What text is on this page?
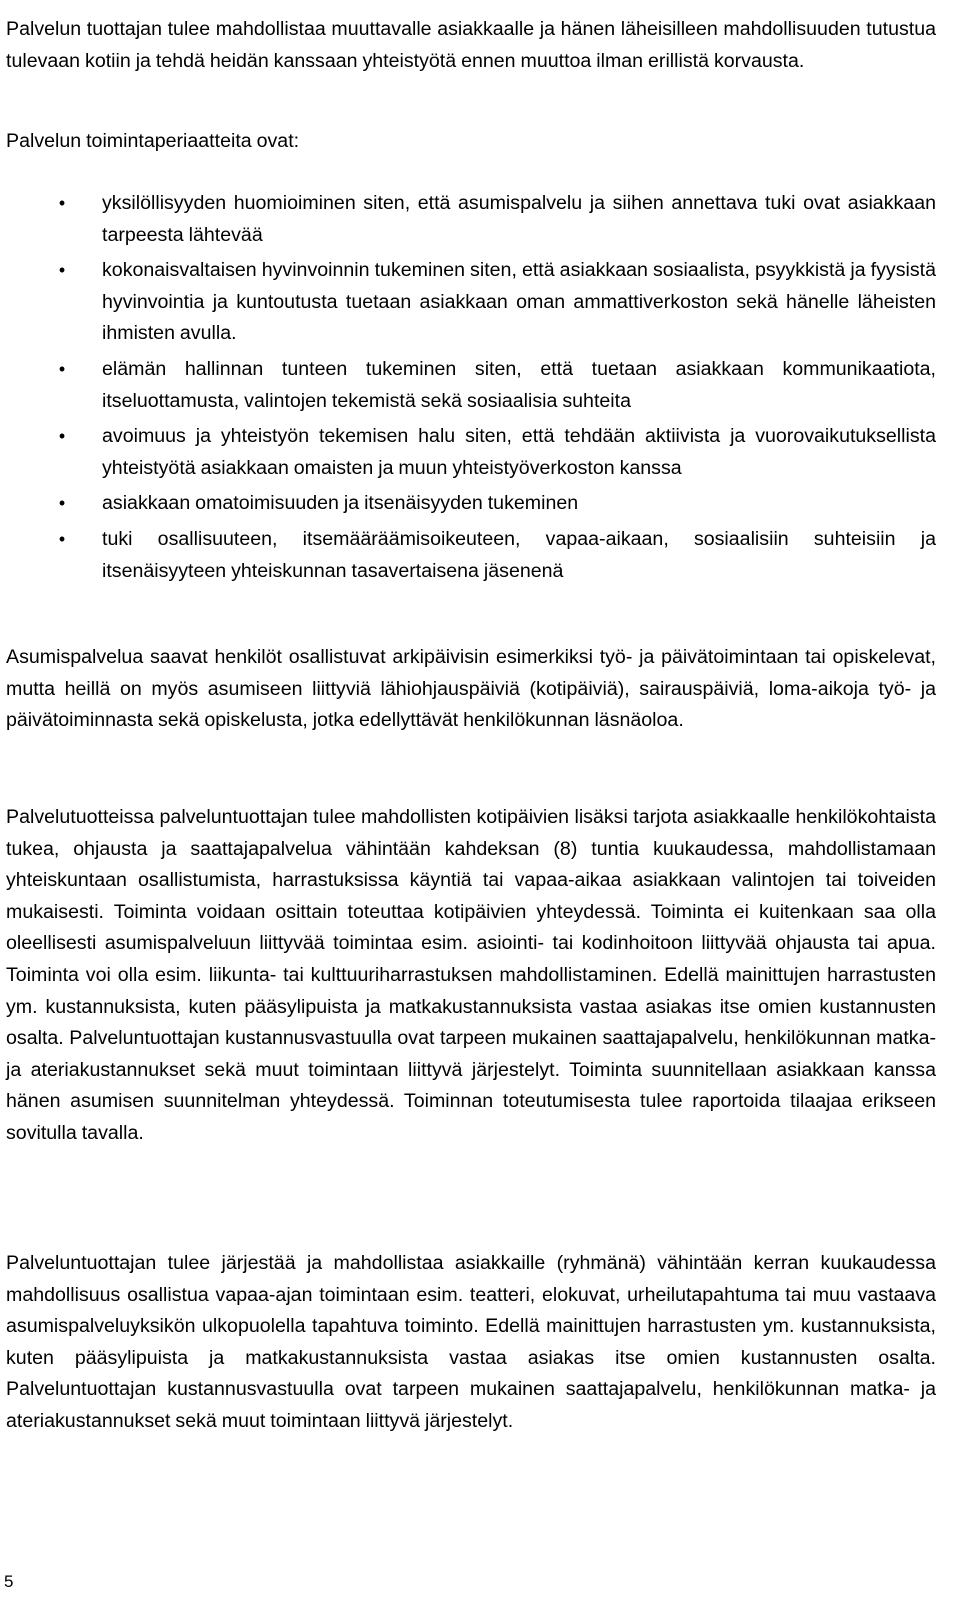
Palvelun tuottajan tulee mahdollistaa muuttavalle asiakkaalle ja hänen läheisilleen mahdollisuuden tutustua tulevaan kotiin ja tehdä heidän kanssaan yhteistyötä ennen muuttoa ilman erillistä korvausta.

Palvelun toimintaperiaatteita ovat:

• yksilöllisyyden huomioiminen siten, että asumispalvelu ja siihen annettava tuki ovat asiakkaan tarpeesta lähtevää
• kokonaisvaltaisen hyvinvoinnin tukeminen siten, että asiakkaan sosiaalista, psyykkistä ja fyysistä hyvinvointia ja kuntoutusta tuetaan asiakkaan oman ammattiverkoston sekä hänelle läheisten ihmisten avulla.
• elämän hallinnan tunteen tukeminen siten, että tuetaan asiakkaan kommunikaatiota, itseluottamusta, valintojen tekemistä sekä sosiaalisia suhteita
• avoimuus ja yhteistyön tekemisen halu siten, että tehdään aktiivista ja vuorovaikutuksellista yhteistyötä asiakkaan omaisten ja muun yhteistyöverkoston kanssa
• asiakkaan omatoimisuuden ja itsenäisyyden tukeminen
• tuki osallisuuteen, itsemääräämisoikeuteen, vapaa-aikaan, sosiaalisiin suhteisiin ja itsenäisyyteen yhteiskunnan tasavertaisena jäsenenä

Asumispalvelua saavat henkilöt osallistuvat arkipäivisin esimerkiksi työ- ja päivätoimintaan tai opiskelevat, mutta heillä on myös asumiseen liittyviä lähiohjauspäiviä (kotipäiviä), sairauspäiviä, loma-aikoja työ- ja päivätoiminnasta sekä opiskelusta, jotka edellyttävät henkilökunnan läsnäoloa.

Palvelutuotteissa palveluntuottajan tulee mahdollisten kotipäivien lisäksi tarjota asiakkaalle henkilökohtaista tukea, ohjausta ja saattajapalvelua vähintään kahdeksan (8) tuntia kuukaudessa, mahdollistamaan yhteiskuntaan osallistumista, harrastuksissa käyntiä tai vapaa-aikaa asiakkaan valintojen tai toiveiden mukaisesti. Toiminta voidaan osittain toteuttaa kotipäivien yhteydessä. Toiminta ei kuitenkaan saa olla oleellisesti asumispalveluun liittyvää toimintaa esim. asiointi- tai kodinhoitoon liittyvää ohjausta tai apua. Toiminta voi olla esim. liikunta- tai kulttuuriharrastuksen mahdollistaminen. Edellä mainittujen harrastusten ym. kustannuksista, kuten pääsylipuista ja matkakustannuksista vastaa asiakas itse omien kustannusten osalta. Palveluntuottajan kustannusvastuulla ovat tarpeen mukainen saattajapalvelu, henkilökunnan matka- ja ateriakustannukset sekä muut toimintaan liittyvä järjestelyt. Toiminta suunnitellaan asiakkaan kanssa hänen asumisen suunnitelman yhteydessä. Toiminnan toteutumisesta tulee raportoida tilaajaa erikseen sovitulla tavalla.

Palveluntuottajan tulee järjestää ja mahdollistaa asiakkaille (ryhmänä) vähintään kerran kuukaudessa mahdollisuus osallistua vapaa-ajan toimintaan esim. teatteri, elokuvat, urheilutapahtuma tai muu vastaava asumispalveluyksikön ulkopuolella tapahtuva toiminto. Edellä mainittujen harrastusten ym. kustannuksista, kuten pääsylipuista ja matkakustannuksista vastaa asiakas itse omien kustannusten osalta. Palveluntuottajan kustannusvastuulla ovat tarpeen mukainen saattajapalvelu, henkilökunnan matka- ja ateriakustannukset sekä muut toimintaan liittyvä järjestelyt.

5
